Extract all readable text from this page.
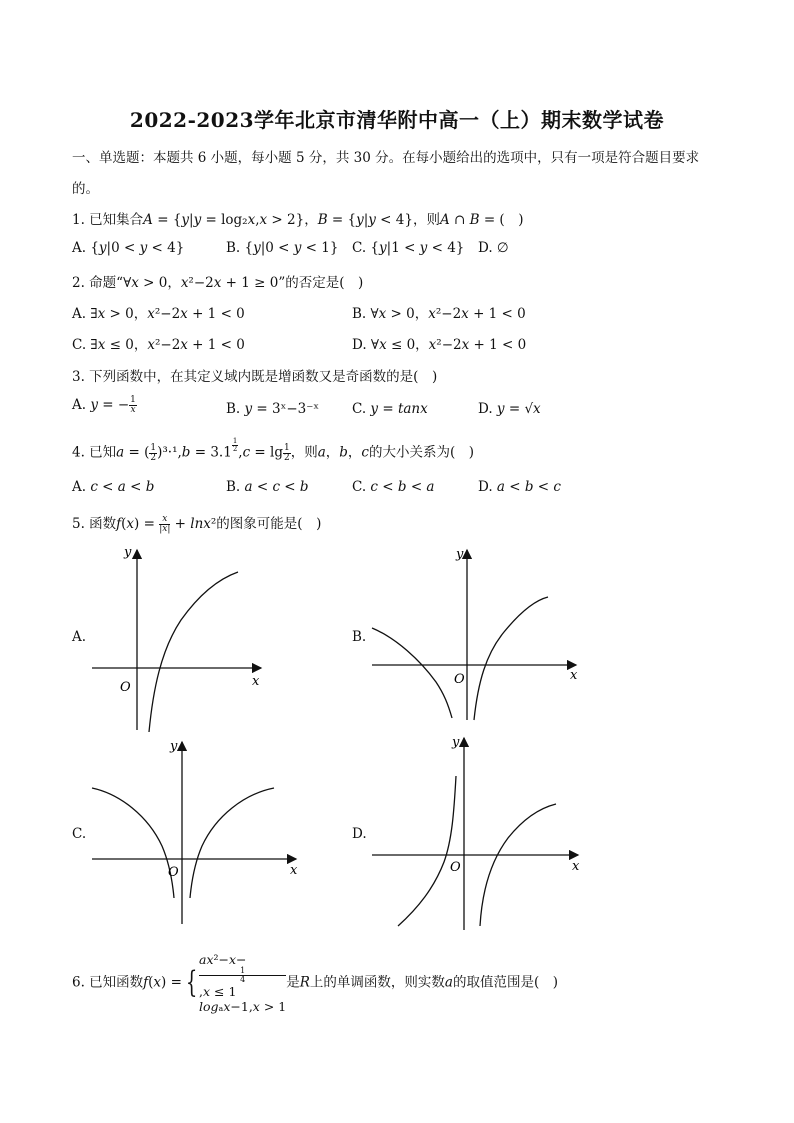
2022-2023学年北京市清华附中高一（上）期末数学试卷
一、单选题：本题共 6 小题，每小题 5 分，共 30 分。在每小题给出的选项中，只有一项是符合题目要求
的。
1. 已知集合𝐴 = {𝑦|𝑦 = log₂𝑥,𝑥 > 2}，𝐵 = {𝑦|𝑦 < 4}，则𝐴 ∩ 𝐵 = (　)
A. {𝑦|0 < 𝑦 < 4}	B. {𝑦|0 < 𝑦 < 1} C. {𝑦|1 < 𝑦 < 4} D. ∅
2. 命题“∀𝑥 > 0，𝑥²−2𝑥 + 1 ≥ 0”的否定是(　)
A. ∃𝑥 > 0，𝑥²−2𝑥 + 1 < 0	B. ∀𝑥 > 0，𝑥²−2𝑥 + 1 < 0
C. ∃𝑥 ≤ 0，𝑥²−2𝑥 + 1 < 0	D. ∀𝑥 ≤ 0，𝑥²−2𝑥 + 1 < 0
3. 下列函数中，在其定义域内既是增函数又是奇函数的是(　)
A. 𝑦 = − 1
𝑥	B. 𝑦 = 3ˣ−3⁻ˣ C. 𝑦 = 𝑡𝑎𝑛𝑥	D. 𝑦 = √𝑥
4. 已知𝑎 = ( $\frac{1}{2}$ )³·¹,𝑏 = $3.1 \frac{1}{2}$ ,𝑐 = $\lg \frac{1}{2}$ ，则𝑎，𝑏，𝑐的大小关系为(　)
A. 𝑐 < 𝑎 < 𝑏	B. 𝑎 < 𝑐 < 𝑏	C. 𝑐 < 𝑏 < 𝑎	D. 𝑎 < 𝑏 < 𝑐
5. 函数𝑓(𝑥) = 𝑥
|𝑥| + 𝑙𝑛𝑥²的图象可能是(　)
A.	B.
C.	D.
x
y
O
x
y
O
x
y
O	x
y
O
6. 已知函数𝑓(𝑥) = {
𝑎𝑥²−𝑥−
1
4
,𝑥 ≤ 1
𝑙𝑜𝑔ₐ𝑥−1,𝑥 > 1
是𝑅上的单调函数，则实数𝑎的取值范围是(　)
